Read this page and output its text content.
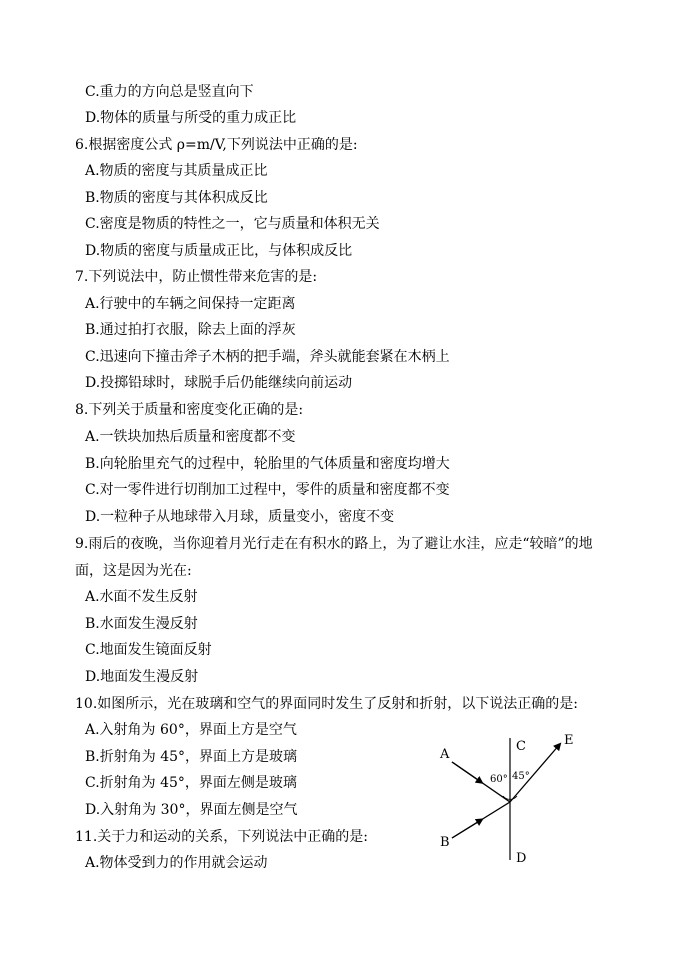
C.重力的方向总是竖直向下
D.物体的质量与所受的重力成正比
6.根据密度公式 ρ=m/V,下列说法中正确的是:
A.物质的密度与其质量成正比
B.物质的密度与其体积成反比
C.密度是物质的特性之一，它与质量和体积无关
D.物质的密度与质量成正比，与体积成反比
7.下列说法中，防止惯性带来危害的是:
A.行驶中的车辆之间保持一定距离
B.通过拍打衣服，除去上面的浮灰
C.迅速向下撞击斧子木柄的把手端，斧头就能套紧在木柄上
D.投掷铅球时，球脱手后仍能继续向前运动
8.下列关于质量和密度变化正确的是:
A.一铁块加热后质量和密度都不变
B.向轮胎里充气的过程中，轮胎里的气体质量和密度均增大
C.对一零件进行切削加工过程中，零件的质量和密度都不变
D.一粒种子从地球带入月球，质量变小，密度不变
9.雨后的夜晚，当你迎着月光行走在有积水的路上，为了避让水洼，应走“较暗”的地
面，这是因为光在:
A.水面不发生反射
B.水面发生漫反射
C.地面发生镜面反射
D.地面发生漫反射
10.如图所示，光在玻璃和空气的界面同时发生了反射和折射，以下说法正确的是:
A.入射角为 60°，界面上方是空气
B.折射角为 45°，界面上方是玻璃
C.折射角为 45°，界面左侧是玻璃
D.入射角为 30°，界面左侧是空气
11.关于力和运动的关系，下列说法中正确的是:
A.物体受到力的作用就会运动
A
B
C
D
E
60° 45°
